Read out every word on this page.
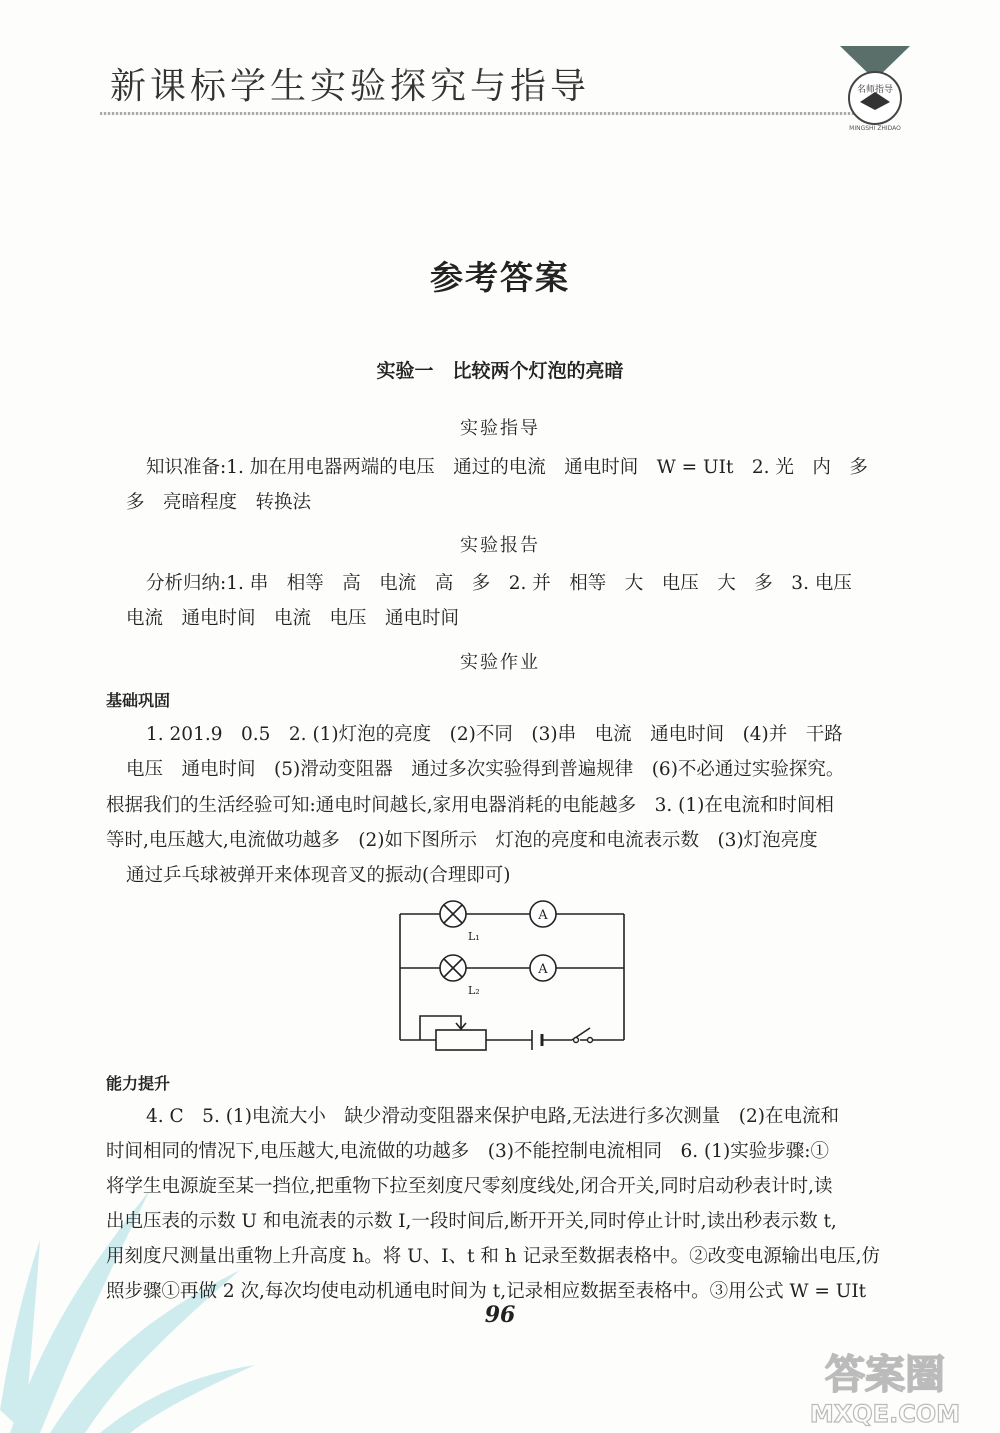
新课标学生实验探究与指导	名师指导
MINGSHI ZHIDAO
参考答案
实验一　比较两个灯泡的亮暗
实验指导
知识准备:1. 加在用电器两端的电压　通过的电流　通电时间　W = UIt　2. 光　内　多
多　亮暗程度　转换法
实验报告
分析归纳:1. 串　相等　高　电流　高　多　2. 并　相等　大　电压　大　多　3. 电压
电流　通电时间　电流　电压　通电时间
实验作业
基础巩固
1. 201.9　0.5　2. (1)灯泡的亮度　(2)不同　(3)串　电流　通电时间　(4)并　干路
电压　通电时间　(5)滑动变阻器　通过多次实验得到普遍规律　(6)不必通过实验探究。
根据我们的生活经验可知:通电时间越长,家用电器消耗的电能越多　3. (1)在电流和时间相
等时,电压越大,电流做功越多　(2)如下图所示　灯泡的亮度和电流表示数　(3)灯泡亮度
通过乒乓球被弹开来体现音叉的振动(合理即可)
A
A
L₁
L₂
能力提升
4. C　5. (1)电流大小　缺少滑动变阻器来保护电路,无法进行多次测量　(2)在电流和
时间相同的情况下,电压越大,电流做的功越多　(3)不能控制电流相同　6. (1)实验步骤:①
将学生电源旋至某一挡位,把重物下拉至刻度尺零刻度线处,闭合开关,同时启动秒表计时,读
出电压表的示数 U 和电流表的示数 I,一段时间后,断开开关,同时停止计时,读出秒表示数 t,
用刻度尺测量出重物上升高度 h。将 U、I、t 和 h 记录至数据表格中。②改变电源输出电压,仿
照步骤①再做 2 次,每次均使电动机通电时间为 t,记录相应数据至表格中。③用公式 W = UIt
96
答案圈
MXQE.COM
